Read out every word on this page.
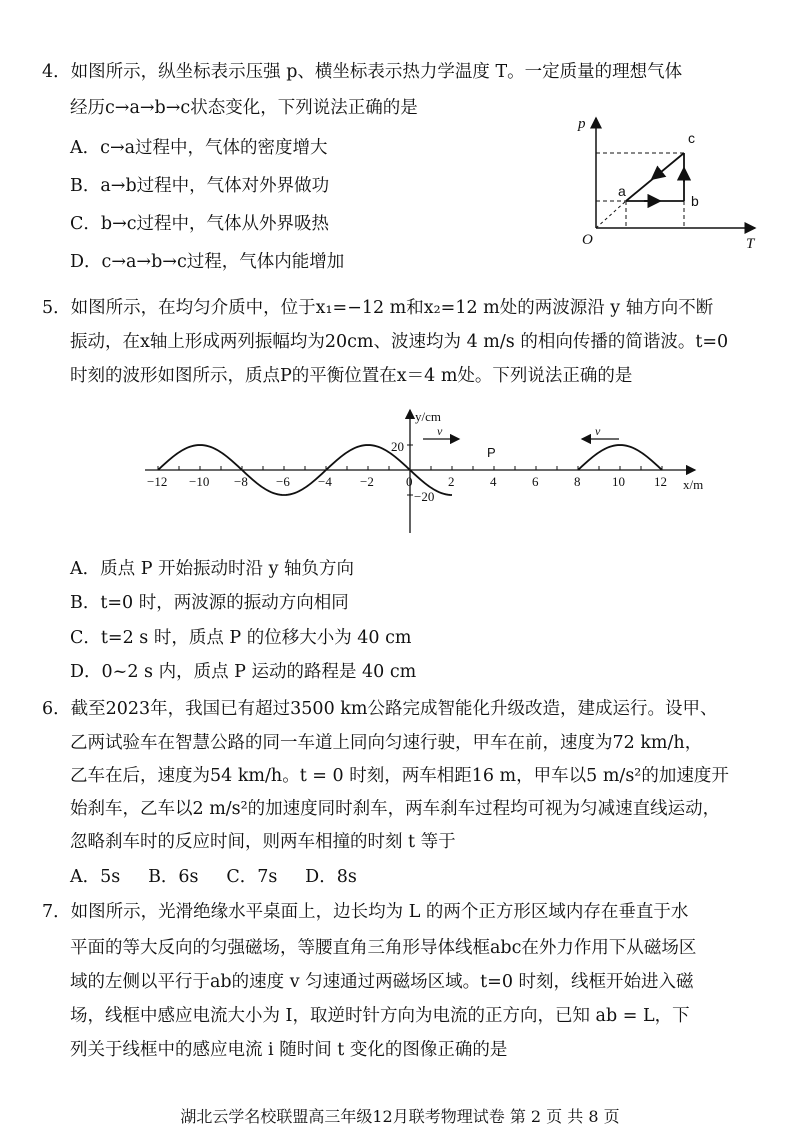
4．如图所示，纵坐标表示压强 p、横坐标表示热力学温度 T。一定质量的理想气体
经历c→a→b→c状态变化，下列说法正确的是
A．c→a过程中，气体的密度增大
B．a→b过程中，气体对外界做功
C．b→c过程中，气体从外界吸热
D．c→a→b→c过程，气体内能增加
p
T
O
c
a
b
5．如图所示，在均匀介质中，位于x₁=−12 m和x₂=12 m处的两波源沿 y 轴方向不断
振动，在x轴上形成两列振幅均为20cm、波速均为 4 m/s 的相向传播的简谐波。t=0
时刻的波形如图所示，质点P的平衡位置在x＝4 m处。下列说法正确的是
y/cm
x/m
20
−20
−12 −10 −8 −6 −4 −2 0	2	4	6	8 10 12
v	v
P
A．质点 P 开始振动时沿 y 轴负方向
B．t=0 时，两波源的振动方向相同
C．t=2 s 时，质点 P 的位移大小为 40 cm
D．0~2 s 内，质点 P 运动的路程是 40 cm
6．截至2023年，我国已有超过3500 km公路完成智能化升级改造，建成运行。设甲、
乙两试验车在智慧公路的同一车道上同向匀速行驶，甲车在前，速度为72 km/h，
乙车在后，速度为54 km/h。t = 0 时刻，两车相距16 m，甲车以5 m/s²的加速度开
始刹车，乙车以2 m/s²的加速度同时刹车，两车刹车过程均可视为匀减速直线运动，
忽略刹车时的反应时间，则两车相撞的时刻 t 等于
A．5s     B．6s     C．7s     D．8s
7．如图所示，光滑绝缘水平桌面上，边长均为 L 的两个正方形区域内存在垂直于水
平面的等大反向的匀强磁场，等腰直角三角形导体线框abc在外力作用下从磁场区
域的左侧以平行于ab的速度 v 匀速通过两磁场区域。t=0 时刻，线框开始进入磁
场，线框中感应电流大小为 I，取逆时针方向为电流的正方向，已知 ab = L，下
列关于线框中的感应电流 i 随时间 t 变化的图像正确的是
湖北云学名校联盟高三年级12月联考物理试卷 第 2 页 共 8 页
